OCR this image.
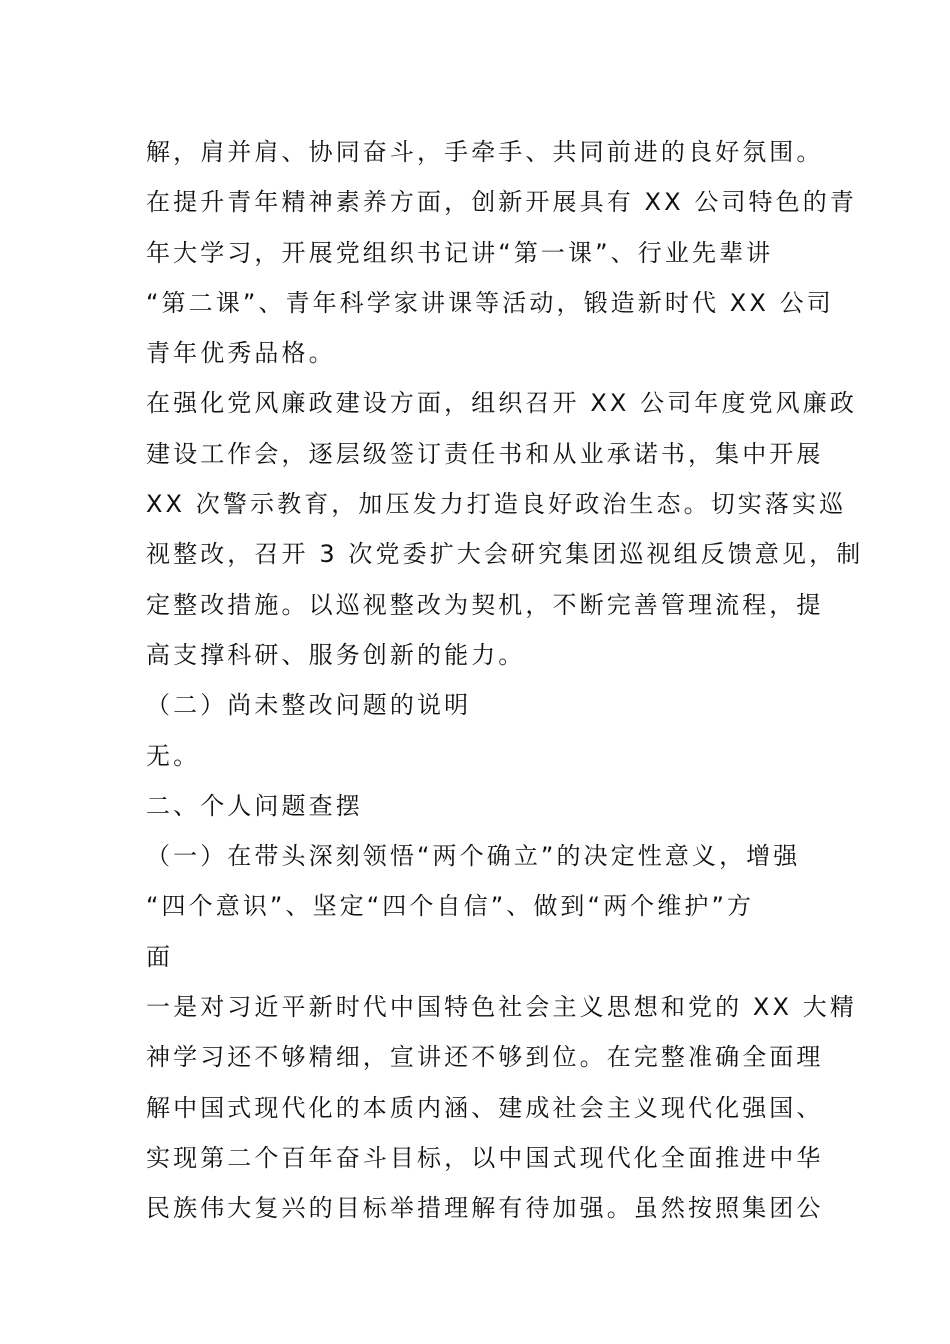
解，肩并肩、协同奋斗，手牵手、共同前进的良好氛围。
在提升青年精神素养方面，创新开展具有 XX 公司特色的青
年大学习，开展党组织书记讲“第一课”、行业先辈讲
“第二课”、青年科学家讲课等活动，锻造新时代 XX 公司
青年优秀品格。
在强化党风廉政建设方面，组织召开 XX 公司年度党风廉政
建设工作会，逐层级签订责任书和从业承诺书，集中开展
XX 次警示教育，加压发力打造良好政治生态。切实落实巡
视整改，召开 3 次党委扩大会研究集团巡视组反馈意见，制
定整改措施。以巡视整改为契机，不断完善管理流程，提
高支撑科研、服务创新的能力。
（二）尚未整改问题的说明
无。
二、个人问题查摆
（一）在带头深刻领悟“两个确立”的决定性意义，增强
“四个意识”、坚定“四个自信”、做到“两个维护”方
面
一是对习近平新时代中国特色社会主义思想和党的 XX 大精
神学习还不够精细，宣讲还不够到位。在完整准确全面理
解中国式现代化的本质内涵、建成社会主义现代化强国、
实现第二个百年奋斗目标，以中国式现代化全面推进中华
民族伟大复兴的目标举措理解有待加强。虽然按照集团公
